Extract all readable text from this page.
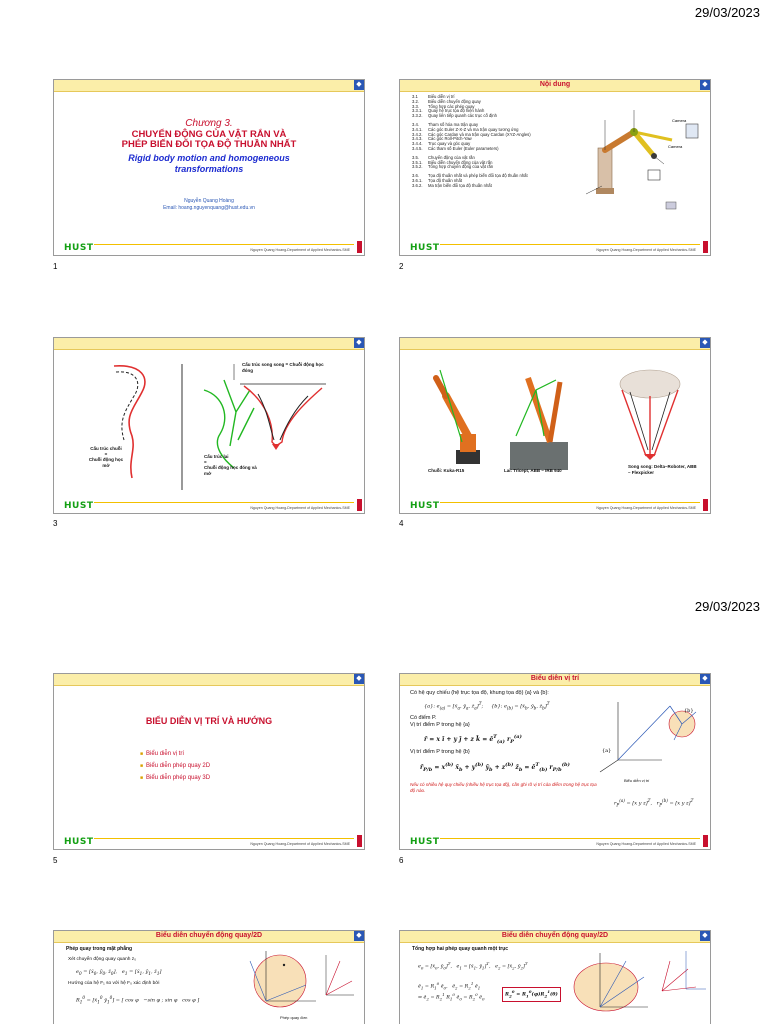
29/03/2023
29/03/2023
◆
Chương 3.
CHUYỂN ĐỘNG CỦA VẬT RẮN VÀ
PHÉP BIẾN ĐỔI TỌA ĐỘ THUẦN NHẤT
Rigid body motion and homogeneous
transformations
Nguyễn Quang Hoàng
Email: hoang.nguyenquang@hust.edu.vn
HUST	Nguyen Quang Hoang-Department of Applied Mechanics-SME
1
Nội dung	◆
3.1 Biểu diễn vị trí
3.2. Biểu diễn chuyển động quay
3.3. Tổng hợp các phép quay
3.3.1. Quay hệ trục tọa độ hiện hành
3.3.2. Quay liên tiếp quanh các trục cố định
3.4. Tham số hóa ma trận quay
3.4.1. Các góc Euler Z-X-Z và ma trận quay tương ứng
3.4.2. Các góc Cardan và ma trận quay Cardan (XYZ-Angles)
3.4.3. Các góc Roll-Pitch-Yaw
3.4.4. Trục quay và góc quay
3.4.5. Các tham số Euler (Euler parameters)
3.5. Chuyển động của vật rắn
3.5.1. Biểu diễn chuyển động của vật rắn
3.5.2. Tổng hợp chuyển động của vật rắn
3.6. Tọa độ thuần nhất và phép biến đổi tọa độ thuần nhất
3.6.1. Tọa độ thuần nhất
3.6.2. Ma trận biến đổi tọa độ thuần nhất
Camera
Camera
HUST	Nguyen Quang Hoang-Department of Applied Mechanics-SME
2
◆
Cấu trúc song song = Chuỗi động học đóng
Cấu trúc chuỗi
=
Chuỗi động học mở
Cấu trúc lai
=
Chuỗi động học đóng và mở
HUST	Nguyen Quang Hoang-Department of Applied Mechanics-SME
3
◆
Chuỗi: Kuka-R15	Lai: Tricept, ABB – IRB 940
Song song: Delta–Roboter, ABB – Flexpicker
HUST	Nguyen Quang Hoang-Department of Applied Mechanics-SME
4
◆
BIỂU DIỄN VỊ TRÍ VÀ HƯỚNG
■ Biểu diễn vị trí
■ Biểu diễn phép quay 2D
■ Biểu diễn phép quay 3D
HUST	Nguyen Quang Hoang-Department of Applied Mechanics-SME
5
Biểu diễn vị trí	◆
Có hệ quy chiếu (hệ trục tọa độ, khung tọa độ) {a} và {b}:
{a}: $e_{(a)}$ = [$x̄_a$, $ȳ_a$, $z̄_a]^T$;     {b}: $e_{(b)}$ = [$x̄_b$, $ȳ_b$, $z̄_b]^T$
Có điểm P.
Vị trí điểm P trong hệ {a}
r̄ = x ī + y j̄ + z k̄ = $ē^T_{(a)}$ $r_P^{(a)}$
Vị trí điểm P trong hệ {b}
$r̄_{P/b} = x^{(b)}$ $x̄_b + y^{(b)}$ $ȳ_b + z^{(b)}$ $z̄_b$ = $ē^T_{(b)}$ $r_{P/b}^{(b)}$
Nếu có nhiều hệ quy chiếu (nhiều hệ trục tọa độ), cần ghi rõ vị trí của điểm trong hệ trục tọa độ nào.
$r_P^{(a)} = [x$ y z]$^T$,   $r_P^{(b)} = [x$ y z]$^T$
{a}
{b}
Biểu diễn vị trí
HUST	Nguyen Quang Hoang-Department of Applied Mechanics-SME
6
Biểu diễn chuyển động quay/2D	◆
Phép quay trong mặt phẳng
Xét chuyển động quay quanh z₀
$e_0$ = [$x̄_0$, $ȳ_0$, $z̄_0$],   $e_1$ = [$x̄_1$, $ȳ_1$, $z̄_1$]
Hướng của hệ F₁ so với hệ F₀ xác định bởi
$R_1^0$ = [$x̄_1^0$ $ȳ_1^0$] = [ cos φ   −sin φ ; sin φ   cos φ ]
Phép quay đơn
Biểu diễn chuyển động quay/2D	◆
Tổng hợp hai phép quay quanh một trục
$e_0$ = [$x̄_0$, $ȳ_0]^T$,   $e_1$ = [$x̄_1$, $ȳ_1]^T$,   $e_2$ = [$x̄_2$, $ȳ_2]^T$
$ē_1 = R_1^0$ $ē_0$,   $ē_2 = R_2^1$ $ē_1$
⇒ $ē_2 = R_2^1$ $R_1^0$ $ē_0 = R_2^0$ $ē_0$
$R_2^0 = R_1^0(\varphi)R_2^1(\theta)$
